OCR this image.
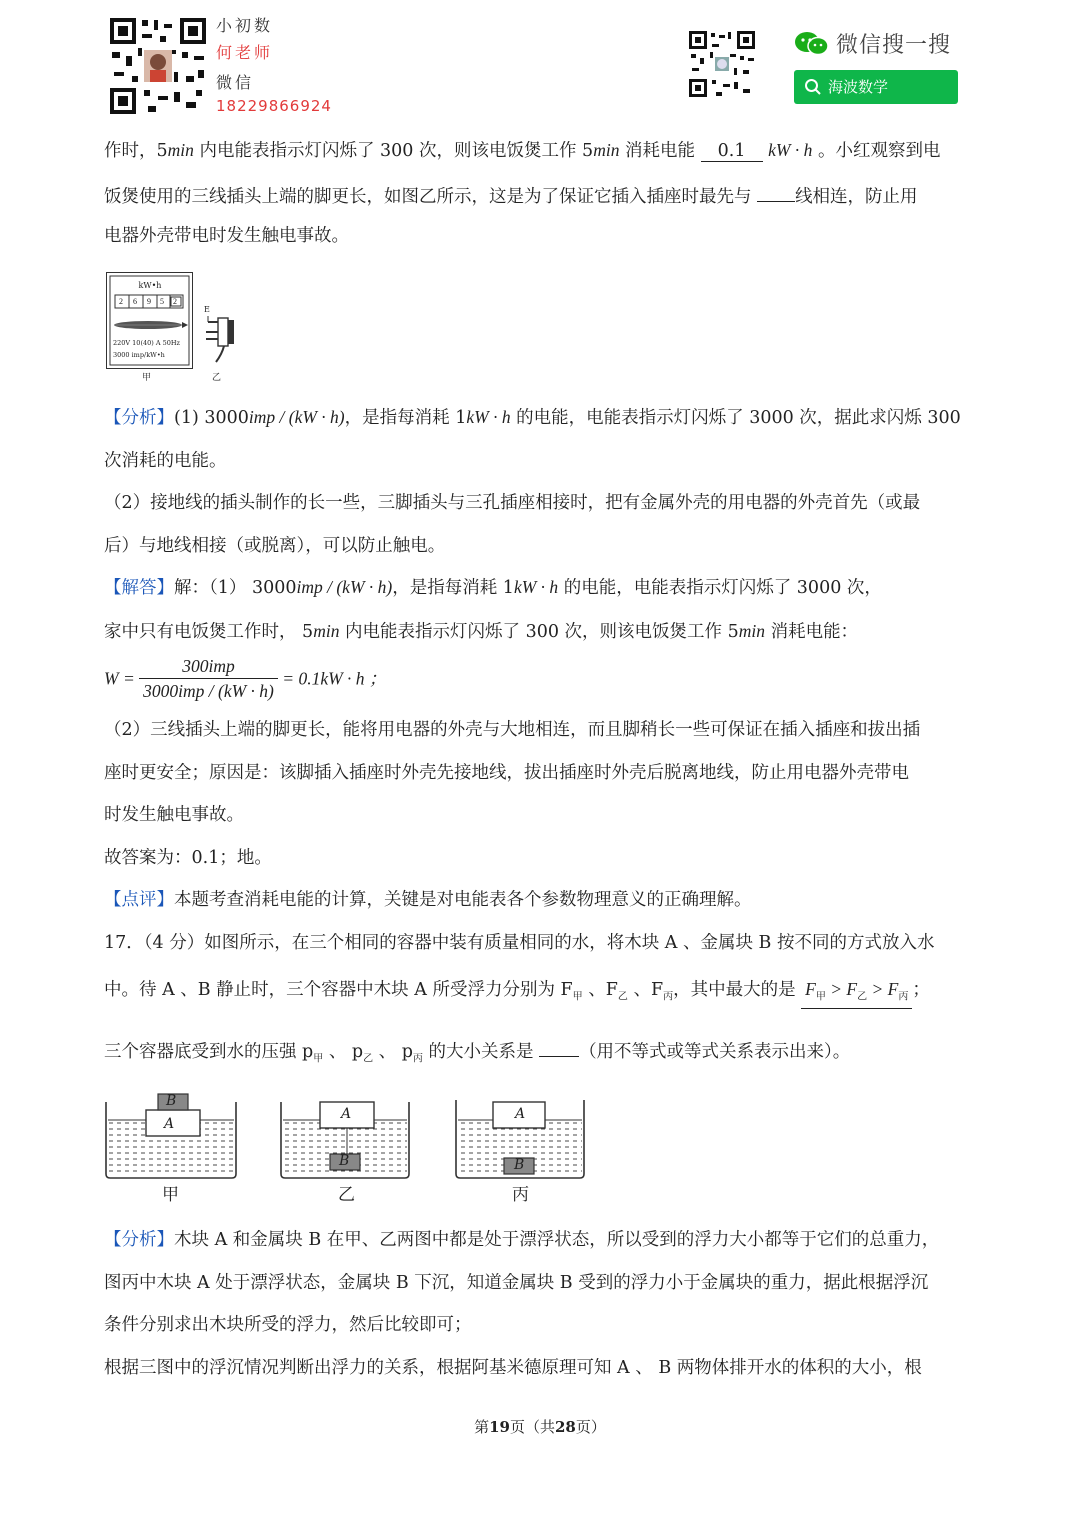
小初数
何老师
微信
18229866924
微信搜一搜
海波数学
作时，5min 内电能表指示灯闪烁了 300 次，则该电饭煲工作 5min 消耗电能 0.1 kW · h 。小红观察到电
饭煲使用的三线插头上端的脚更长，如图乙所示，这是为了保证它插入插座时最先与 线相连，防止用
电器外壳带电时发生触电事故。
kW•h
2 6 9 5 2
220V 10(40) A 50Hz
3000 imp/kW•h
甲
E
乙
【分析】(1) 3000imp / (kW · h)，是指每消耗 1kW · h 的电能，电能表指示灯闪烁了 3000 次，据此求闪烁 300
次消耗的电能。
（2）接地线的插头制作的长一些，三脚插头与三孔插座相接时，把有金属外壳的用电器的外壳首先（或最
后）与地线相接（或脱离），可以防止触电。
【解答】解：（1） 3000imp / (kW · h)，是指每消耗 1kW · h 的电能，电能表指示灯闪烁了 3000 次，
家中只有电饭煲工作时， 5min 内电能表指示灯闪烁了 300 次，则该电饭煲工作 5min 消耗电能：
$W = \frac{\text{300imp}}{\text{3000imp / (kW · h)}} = 0.1kW \cdot h$ ；
（2）三线插头上端的脚更长，能将用电器的外壳与大地相连，而且脚稍长一些可保证在插入插座和拔出插
座时更安全；原因是：该脚插入插座时外壳先接地线，拔出插座时外壳后脱离地线，防止用电器外壳带电
时发生触电事故。
故答案为：0.1；地。
【点评】本题考查消耗电能的计算，关键是对电能表各个参数物理意义的正确理解。
17．（4 分）如图所示，在三个相同的容器中装有质量相同的水，将木块 A 、金属块 B 按不同的方式放入水
中。待 A 、B 静止时，三个容器中木块 A 所受浮力分别为 $F_甲$ 、$F_乙$ 、$F_丙$，其中最大的是 $F_甲 > F_乙 > F_丙$ ；
三个容器底受到水的压强 $p_甲$ 、 $p_乙$ 、 $p_丙$ 的大小关系是 （用不等式或等式关系表示出来）。
B
A
A
B
A
B
甲	乙	丙
【分析】木块 A 和金属块 B 在甲、乙两图中都是处于漂浮状态，所以受到的浮力大小都等于它们的总重力，
图丙中木块 A 处于漂浮状态，金属块 B 下沉，知道金属块 B 受到的浮力小于金属块的重力，据此根据浮沉
条件分别求出木块所受的浮力，然后比较即可；
根据三图中的浮沉情况判断出浮力的关系，根据阿基米德原理可知 A 、 B 两物体排开水的体积的大小，根
第19页（共28页）
